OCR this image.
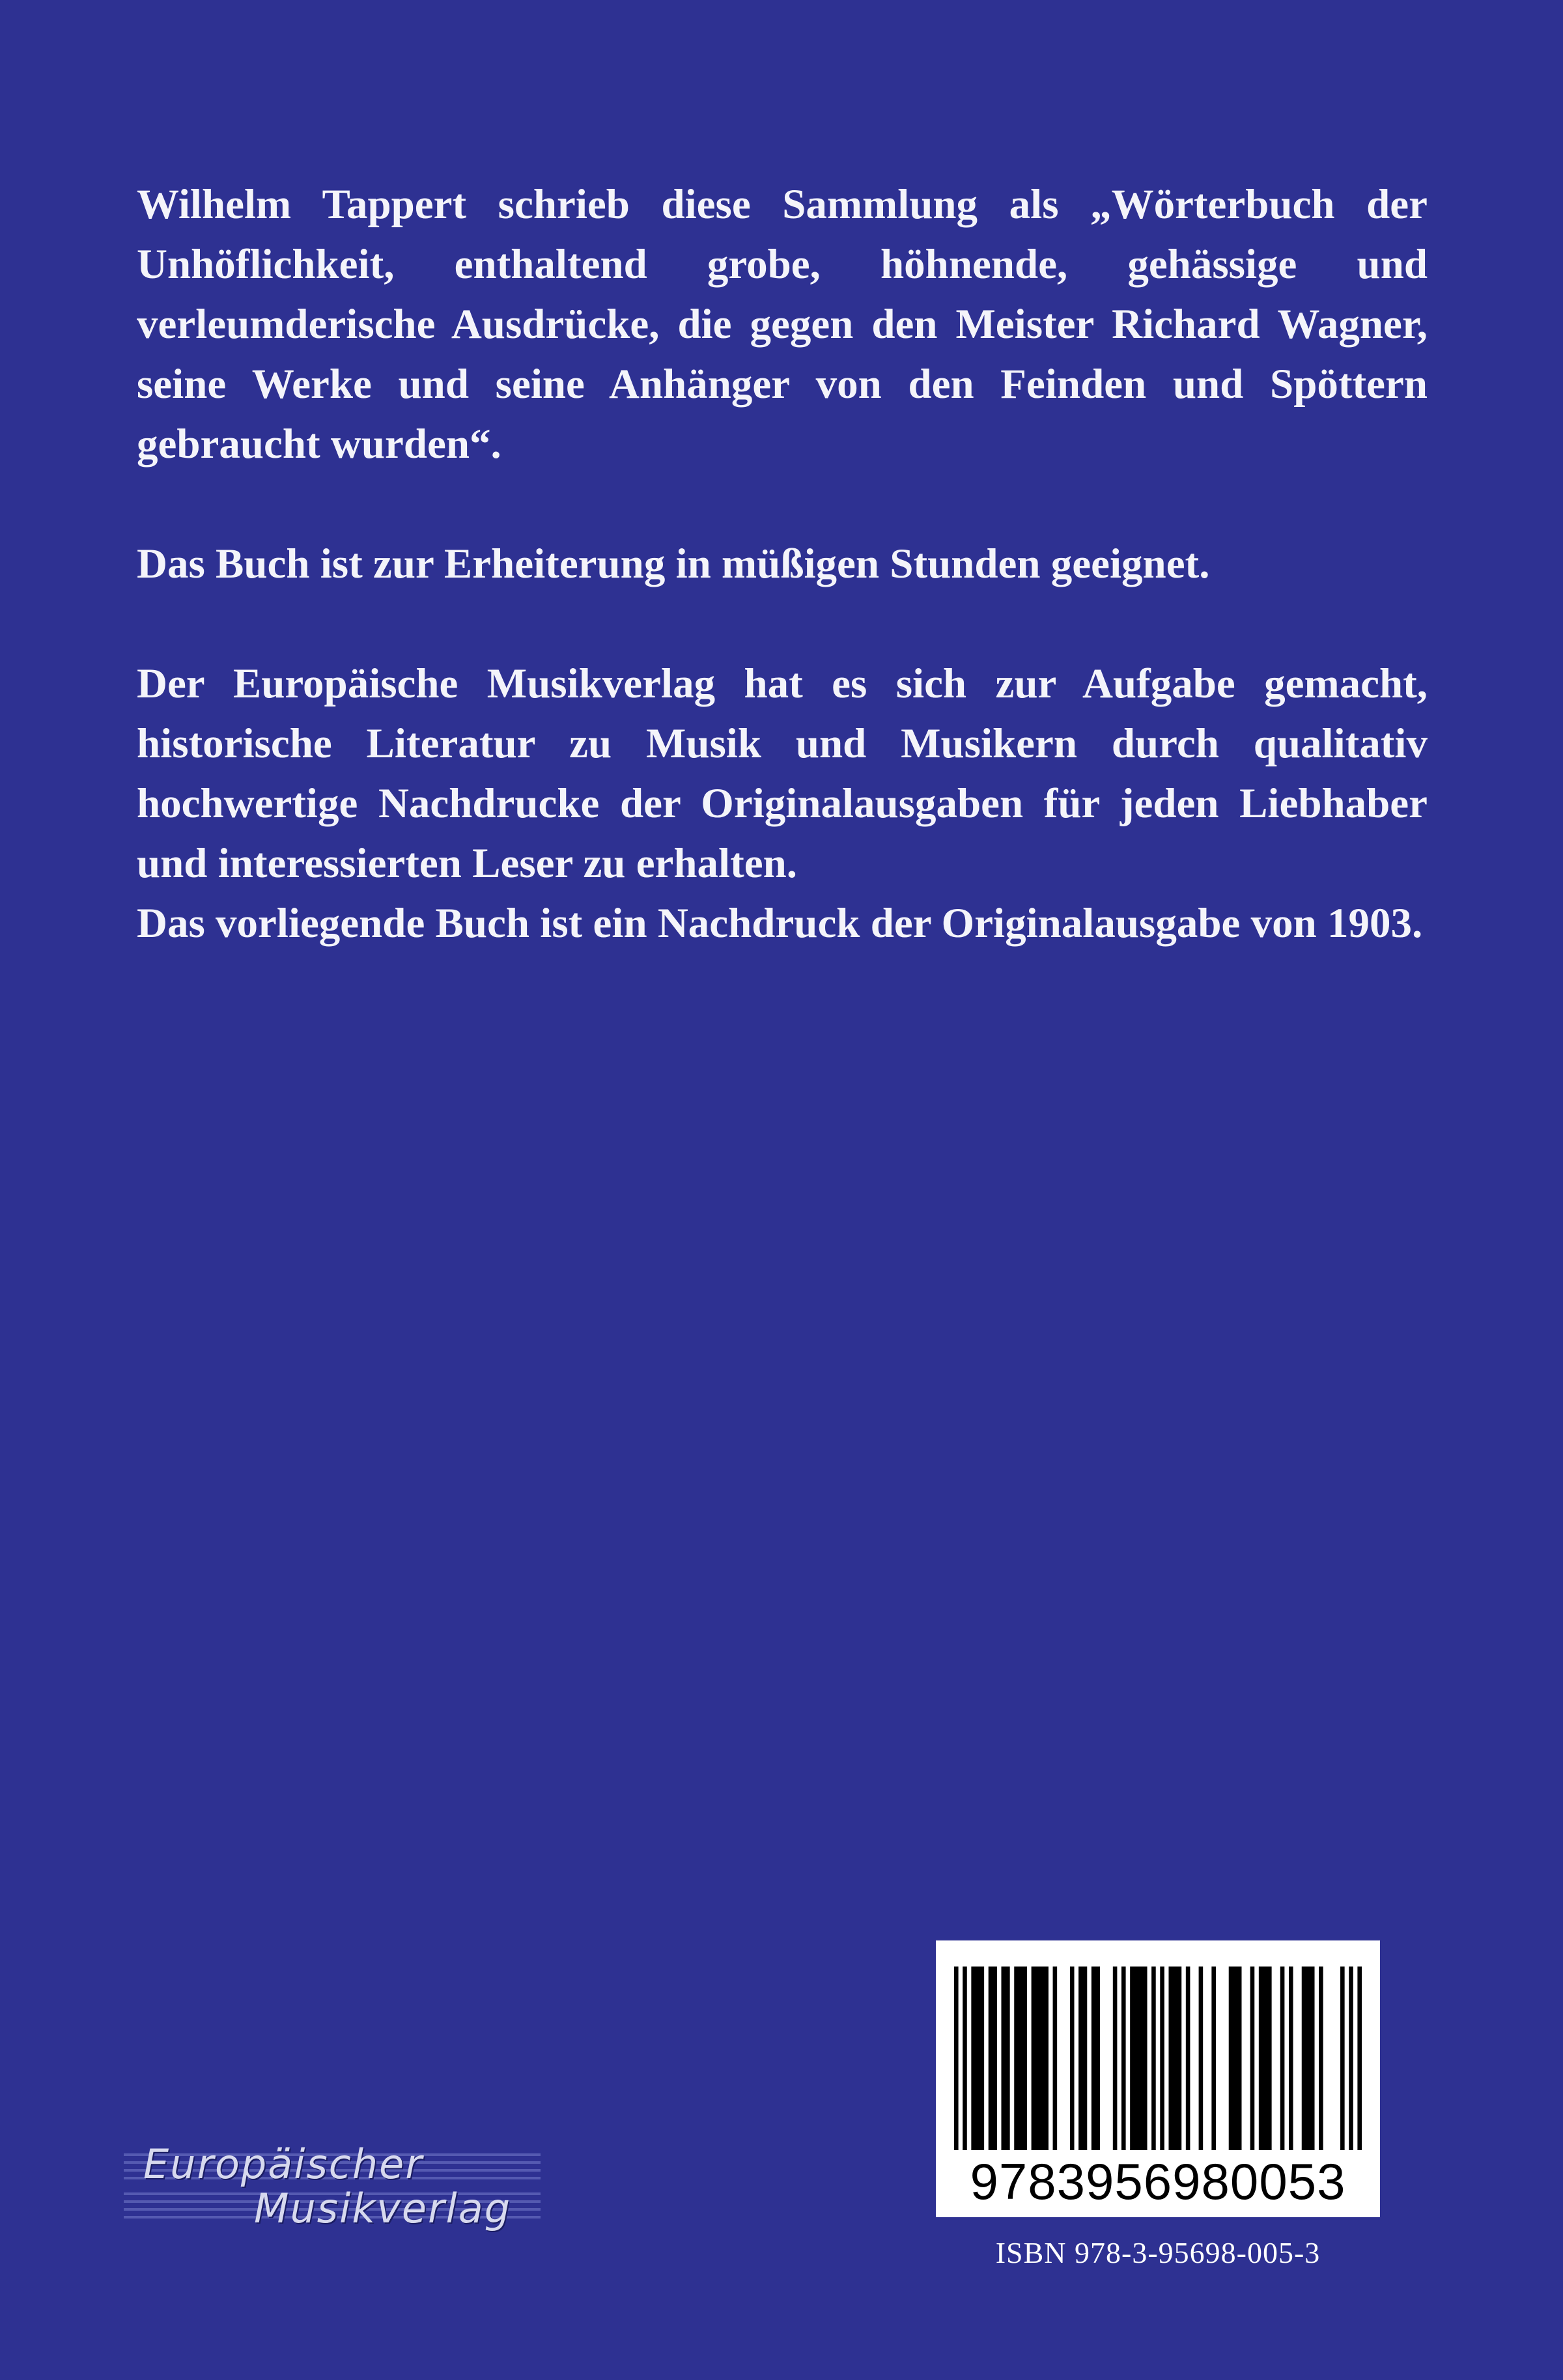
Wilhelm Tappert schrieb diese Sammlung als „Wörterbuch der Unhöflichkeit, enthaltend grobe, höhnende, gehässige und verleumderische Ausdrücke, die gegen den Meister Richard Wagner, seine Werke und seine Anhänger von den Feinden und Spöttern gebraucht wurden“.

Das Buch ist zur Erheiterung in müßigen Stunden geeignet.

Der Europäische Musikverlag hat es sich zur Aufgabe gemacht, historische Literatur zu Musik und Musikern durch qualitativ hochwertige Nachdrucke der Originalausgaben für jeden Liebhaber und interessierten Leser zu erhalten.

Das vorliegende Buch ist ein Nachdruck der Originalausgabe von 1903.

Europäischer
Musikverlag	9783956980053
ISBN 978-3-95698-005-3
